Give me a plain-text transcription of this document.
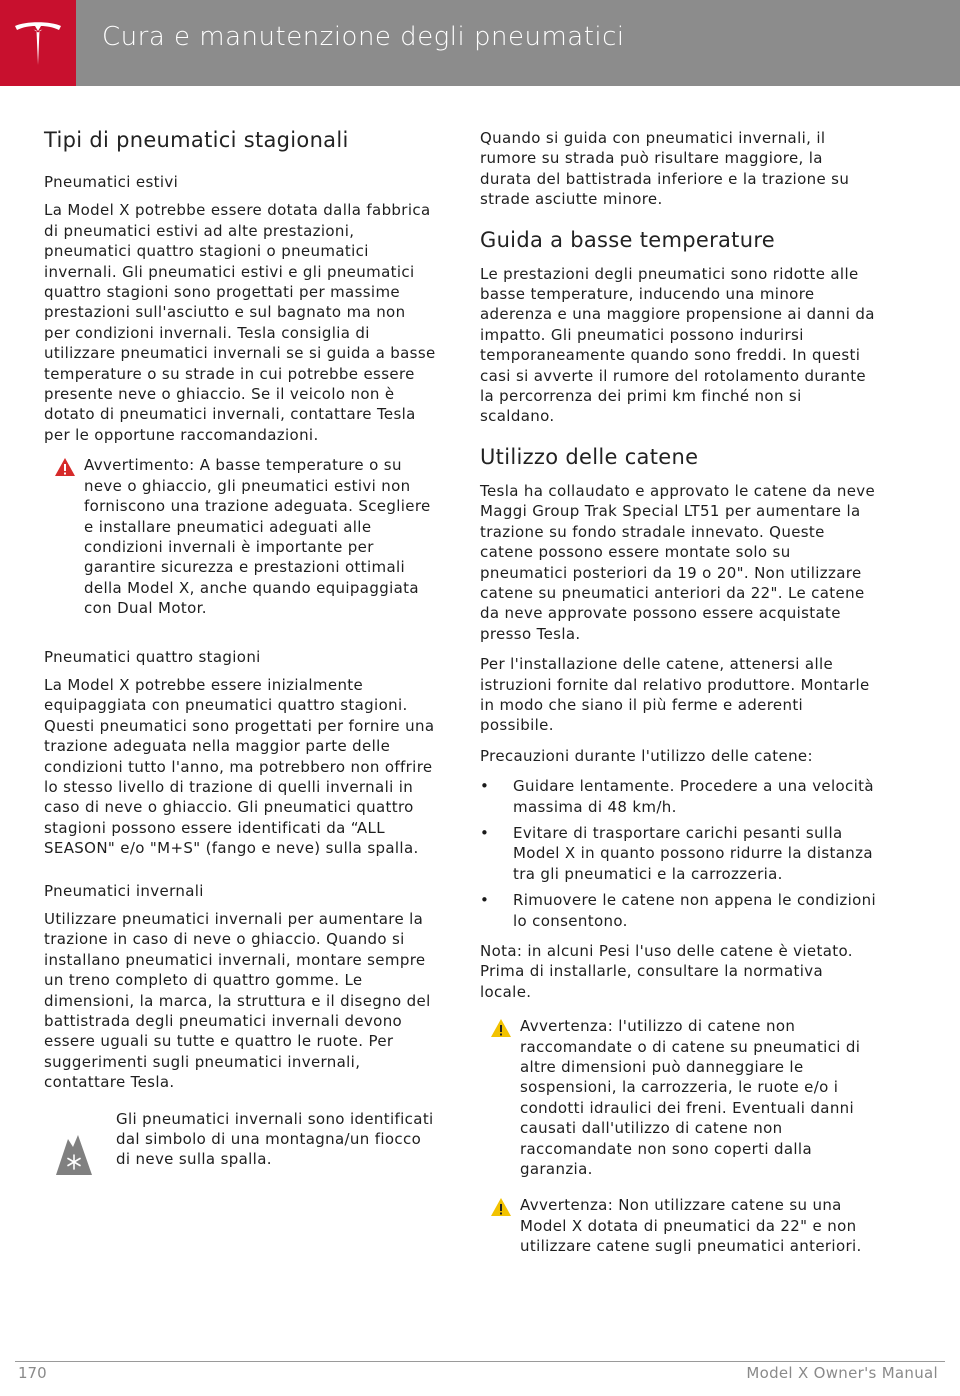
Cura e manutenzione degli pneumatici
Tipi di pneumatici stagionali
Pneumatici estivi

La Model X potrebbe essere dotata dalla fabbrica di pneumatici estivi ad alte prestazioni, pneumatici quattro stagioni o pneumatici invernali. Gli pneumatici estivi e gli pneumatici quattro stagioni sono progettati per massime prestazioni sull'asciutto e sul bagnato ma non per condizioni invernali. Tesla consiglia di utilizzare pneumatici invernali se si guida a basse temperature o su strade in cui potrebbe essere presente neve o ghiaccio. Se il veicolo non è dotato di pneumatici invernali, contattare Tesla per le opportune raccomandazioni.

Avvertimento: A basse temperature o su neve o ghiaccio, gli pneumatici estivi non forniscono una trazione adeguata. Scegliere e installare pneumatici adeguati alle condizioni invernali è importante per garantire sicurezza e prestazioni ottimali della Model X, anche quando equipaggiata con Dual Motor.

Pneumatici quattro stagioni

La Model X potrebbe essere inizialmente equipaggiata con pneumatici quattro stagioni. Questi pneumatici sono progettati per fornire una trazione adeguata nella maggior parte delle condizioni tutto l'anno, ma potrebbero non offrire lo stesso livello di trazione di quelli invernali in caso di neve o ghiaccio. Gli pneumatici quattro stagioni possono essere identificati da “ALL SEASON" e/o "M+S" (fango e neve) sulla spalla.

Pneumatici invernali

Utilizzare pneumatici invernali per aumentare la trazione in caso di neve o ghiaccio. Quando si installano pneumatici invernali, montare sempre un treno completo di quattro gomme. Le dimensioni, la marca, la struttura e il disegno del battistrada degli pneumatici invernali devono essere uguali su tutte e quattro le ruote. Per suggerimenti sugli pneumatici invernali, contattare Tesla.

Gli pneumatici invernali sono identificati dal simbolo di una montagna/un fiocco di neve sulla spalla.

Quando si guida con pneumatici invernali, il rumore su strada può risultare maggiore, la durata del battistrada inferiore e la trazione su strade asciutte minore.

Guida a basse temperature

Le prestazioni degli pneumatici sono ridotte alle basse temperature, inducendo una minore aderenza e una maggiore propensione ai danni da impatto. Gli pneumatici possono indurirsi temporaneamente quando sono freddi. In questi casi si avverte il rumore del rotolamento durante la percorrenza dei primi km finché non si scaldano.

Utilizzo delle catene

Tesla ha collaudato e approvato le catene da neve Maggi Group Trak Special LT51 per aumentare la trazione su fondo stradale innevato. Queste catene possono essere montate solo su pneumatici posteriori da 19 o 20". Non utilizzare catene su pneumatici anteriori da 22". Le catene da neve approvate possono essere acquistate presso Tesla.

Per l'installazione delle catene, attenersi alle istruzioni fornite dal relativo produttore. Montarle in modo che siano il più ferme e aderenti possibile.

Precauzioni durante l'utilizzo delle catene:

• Guidare lentamente. Procedere a una velocità massima di 48 km/h.

• Evitare di trasportare carichi pesanti sulla Model X in quanto possono ridurre la distanza tra gli pneumatici e la carrozzeria.

• Rimuovere le catene non appena le condizioni lo consentono.

Nota: in alcuni Pesi l'uso delle catene è vietato. Prima di installarle, consultare la normativa locale.

Avvertenza: l'utilizzo di catene non raccomandate o di catene su pneumatici di altre dimensioni può danneggiare le sospensioni, la carrozzeria, le ruote e/o i condotti idraulici dei freni. Eventuali danni causati dall'utilizzo di catene non raccomandate non sono coperti dalla garanzia.

Avvertenza: Non utilizzare catene su una Model X dotata di pneumatici da 22" e non utilizzare catene sugli pneumatici anteriori.

170	Model X Owner's Manual
